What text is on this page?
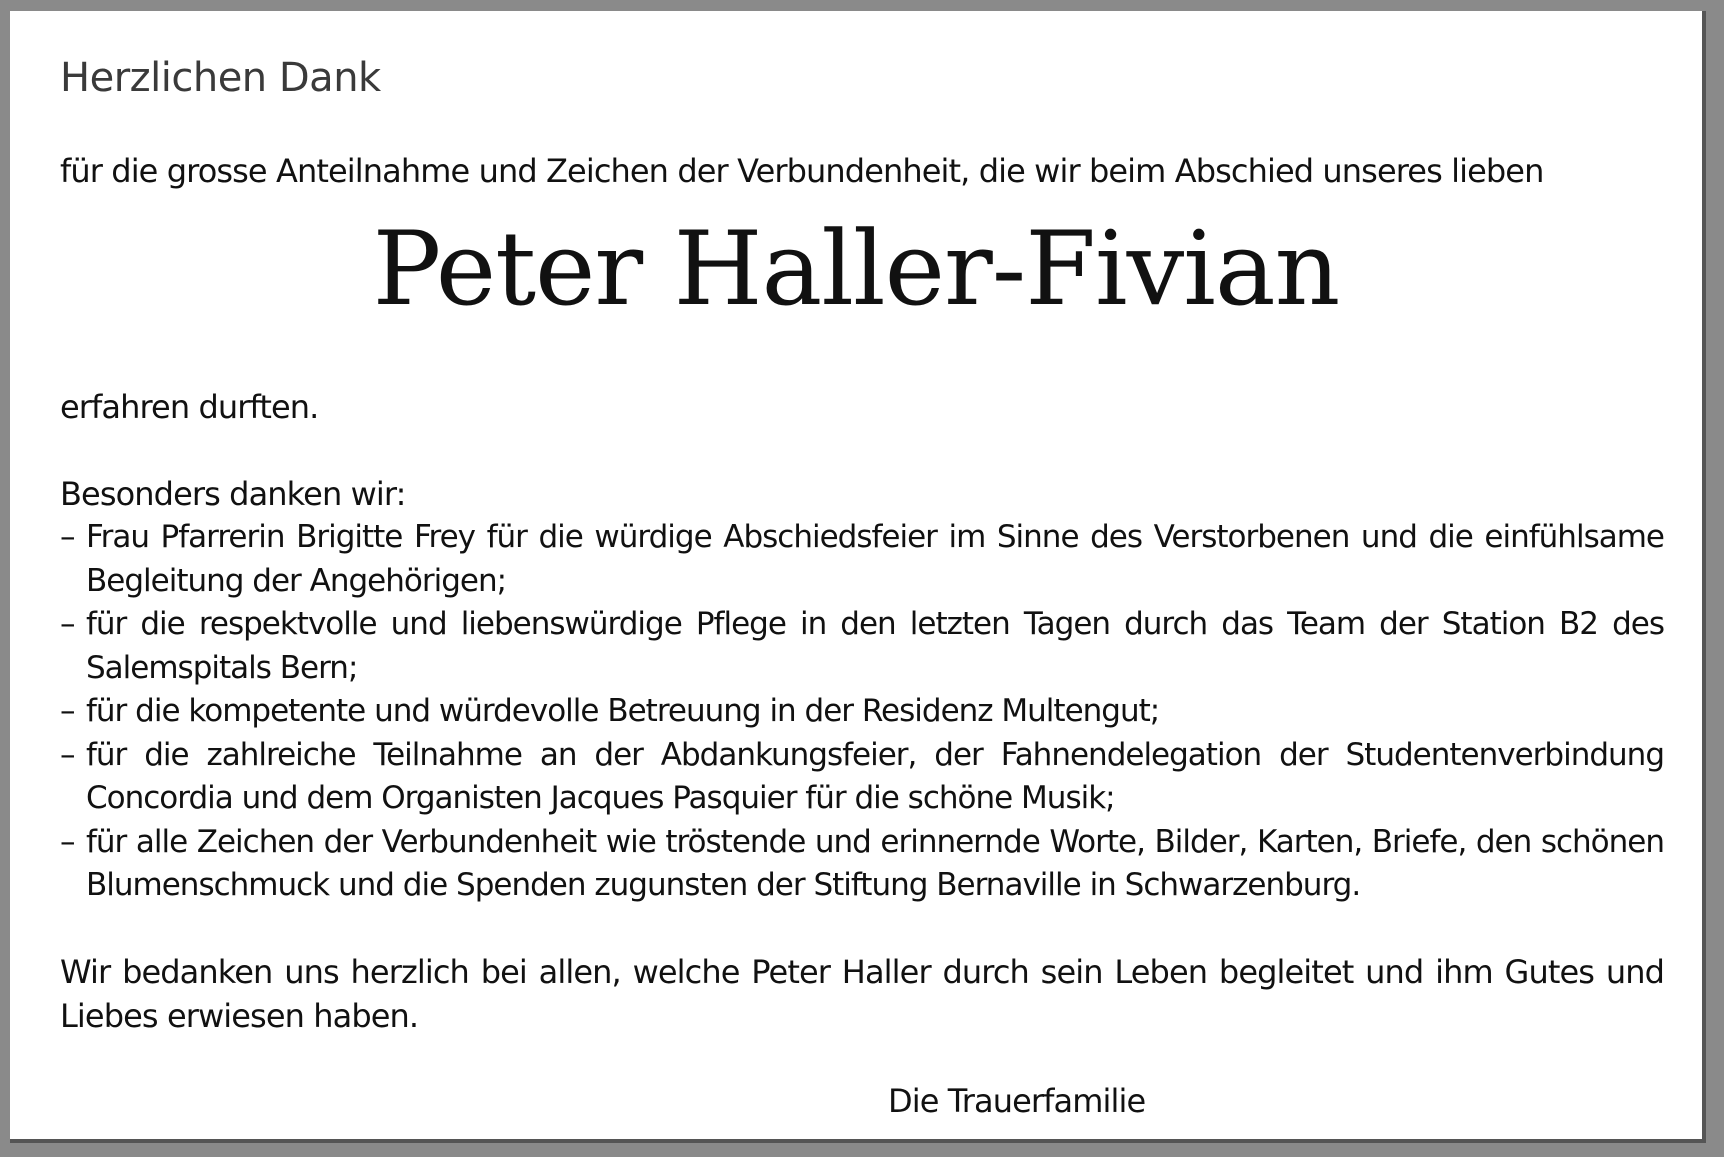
Herzlichen Dank
für die grosse Anteilnahme und Zeichen der Verbundenheit, die wir beim Abschied unseres lieben
Peter Haller-Fivian
erfahren durften.
Besonders danken wir:
– Frau Pfarrerin Brigitte Frey für die würdige Abschiedsfeier im Sinne des Verstorbenen und die einfühlsame Begleitung der Angehörigen;
– für die respektvolle und liebenswürdige Pflege in den letzten Tagen durch das Team der Station B2 des Salemspitals Bern;
– für die kompetente und würdevolle Betreuung in der Residenz Multengut;
– für die zahlreiche Teilnahme an der Abdankungsfeier, der Fahnendelegation der Studentenverbindung Concordia und dem Organisten Jacques Pasquier für die schöne Musik;
– für alle Zeichen der Verbundenheit wie tröstende und erinnernde Worte, Bilder, Karten, Briefe, den schönen Blumenschmuck und die Spenden zugunsten der Stiftung Bernaville in Schwarzenburg.
Wir bedanken uns herzlich bei allen, welche Peter Haller durch sein Leben begleitet und ihm Gutes und Liebes erwiesen haben.
Die Trauerfamilie
